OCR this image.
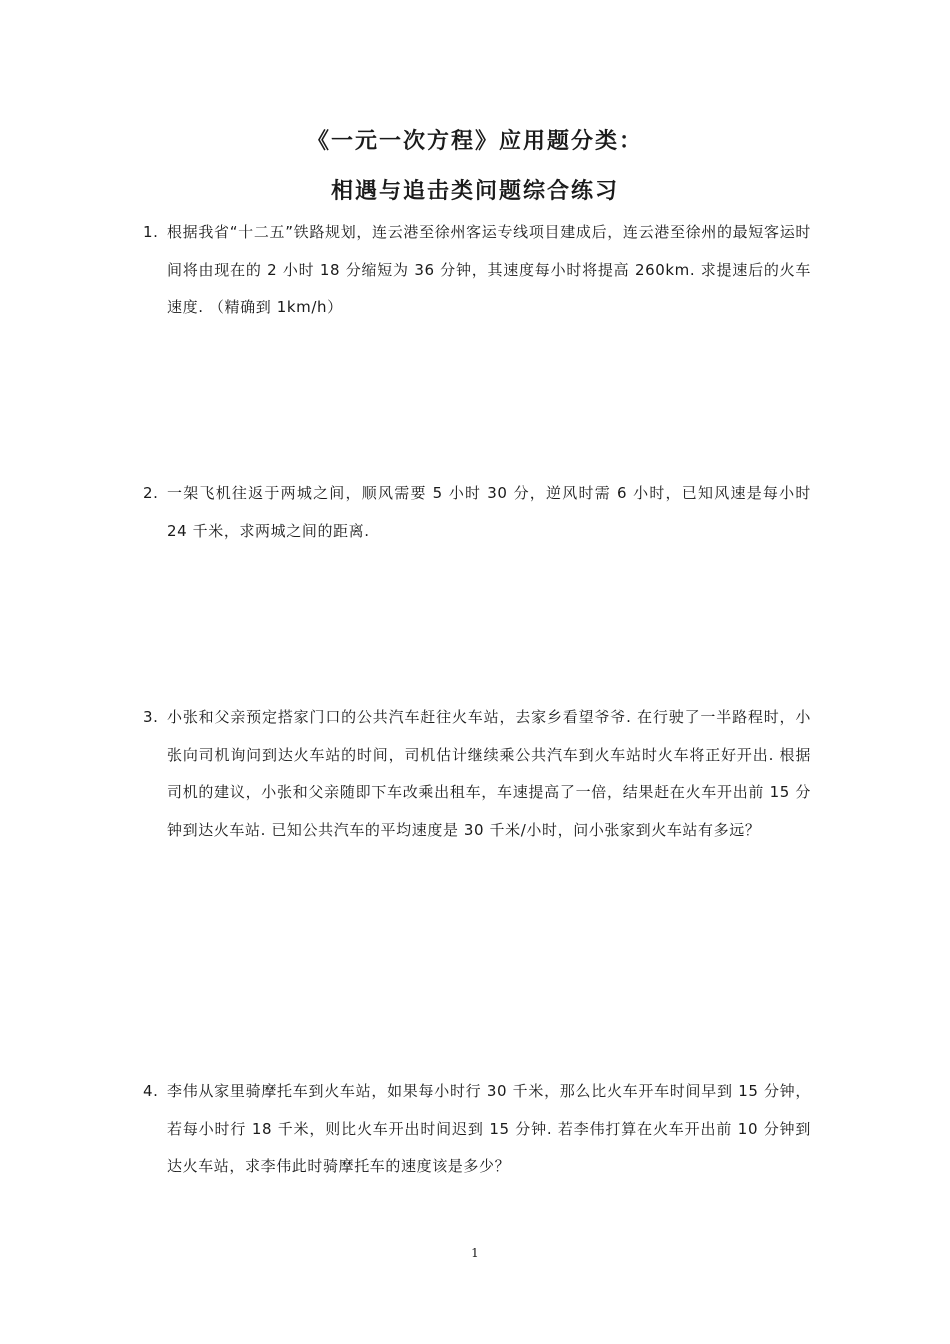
《一元一次方程》应用题分类：
相遇与追击类问题综合练习
1. 根据我省“十二五”铁路规划，连云港至徐州客运专线项目建成后，连云港至徐州的最短客运时间将由现在的 2 小时 18 分缩短为 36 分钟，其速度每小时将提高 260km. 求提速后的火车速度. （精确到 1km/h）
2. 一架飞机往返于两城之间，顺风需要 5 小时 30 分，逆风时需 6 小时，已知风速是每小时 24 千米，求两城之间的距离.
3. 小张和父亲预定搭家门口的公共汽车赶往火车站，去家乡看望爷爷. 在行驶了一半路程时，小张向司机询问到达火车站的时间，司机估计继续乘公共汽车到火车站时火车将正好开出. 根据司机的建议，小张和父亲随即下车改乘出租车，车速提高了一倍，结果赶在火车开出前 15 分钟到达火车站. 已知公共汽车的平均速度是 30 千米/小时，问小张家到火车站有多远？
4. 李伟从家里骑摩托车到火车站，如果每小时行 30 千米，那么比火车开车时间早到 15 分钟，若每小时行 18 千米，则比火车开出时间迟到 15 分钟. 若李伟打算在火车开出前 10 分钟到达火车站，求李伟此时骑摩托车的速度该是多少？
1
